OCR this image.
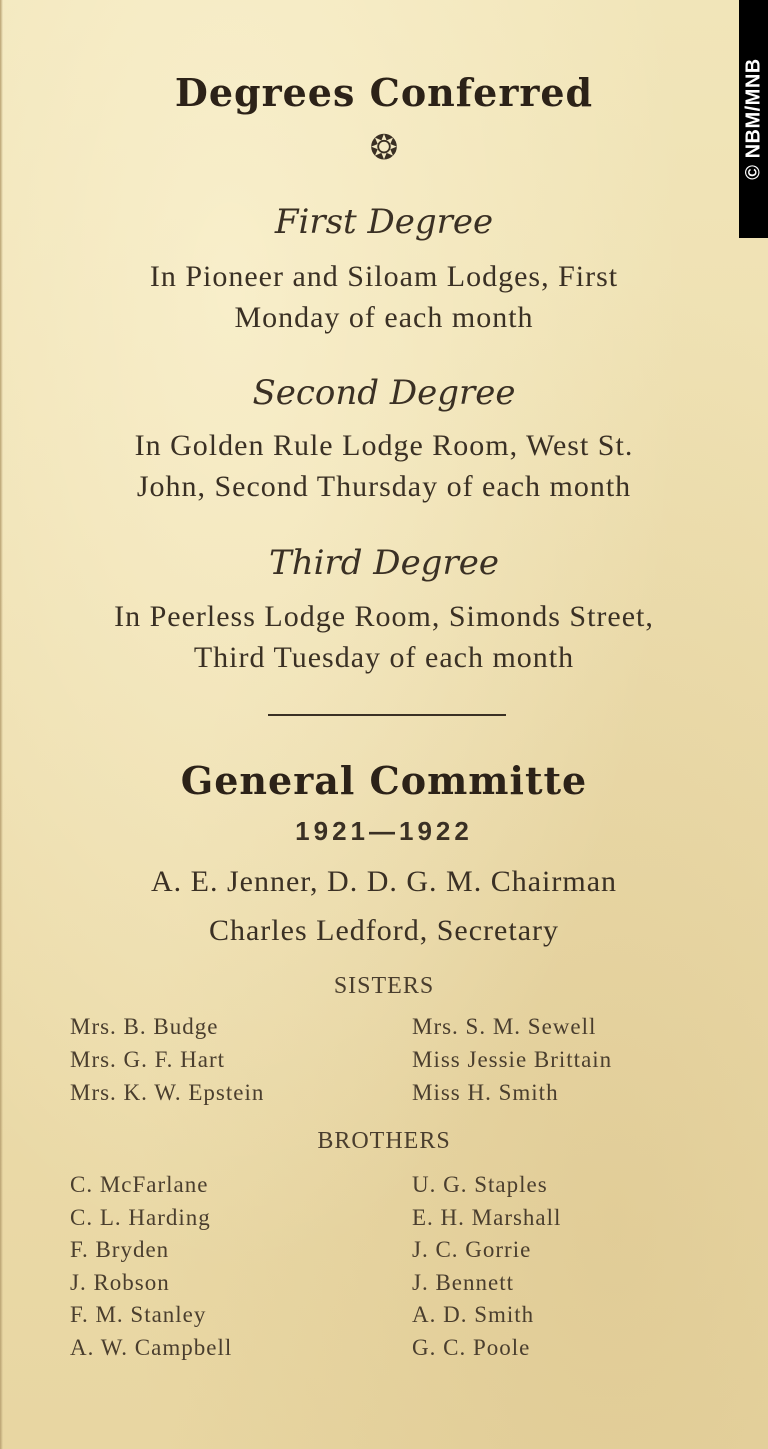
© NBM/MNB
Degrees Conferred
❂
First Degree
In Pioneer and Siloam Lodges, First
Monday of each month
Second Degree
In Golden Rule Lodge Room, West St.
John, Second Thursday of each month
Third Degree
In Peerless Lodge Room, Simonds Street,
Third Tuesday of each month
General Committe
1921—1922
A. E. Jenner, D. D. G. M. Chairman
Charles Ledford, Secretary
SISTERS
Mrs. B. Budge
Mrs. G. F. Hart
Mrs. K. W. Epstein
Mrs. S. M. Sewell
Miss Jessie Brittain
Miss H. Smith
BROTHERS
C. McFarlane
C. L. Harding
F. Bryden
J. Robson
F. M. Stanley
A. W. Campbell
U. G. Staples
E. H. Marshall
J. C. Gorrie
J. Bennett
A. D. Smith
G. C. Poole
